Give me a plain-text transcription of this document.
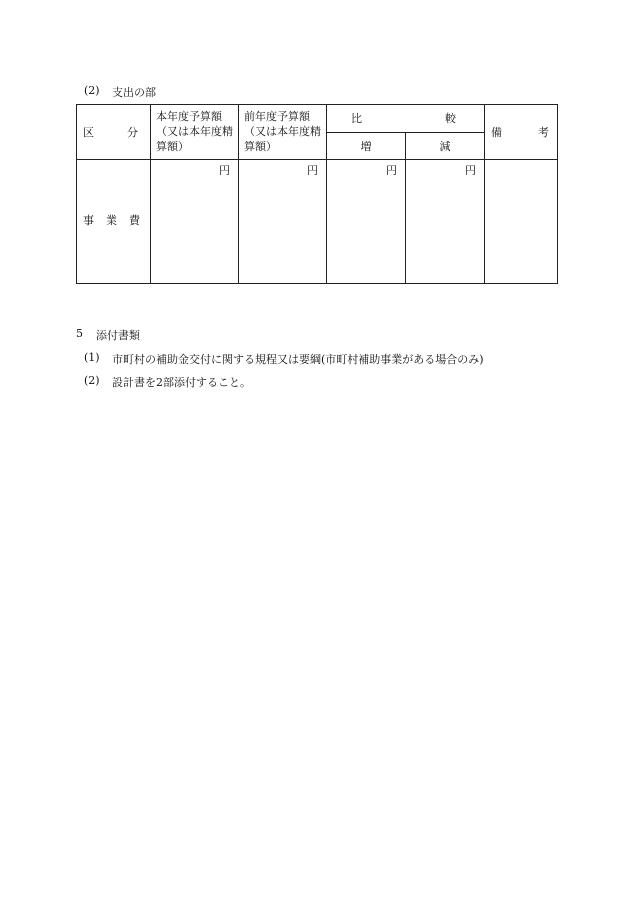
(2) 支出の部
区 分	本年度予算額（又は本年度精算額）	前年度予算額（又は本年度精算額）	比 較		備 考

			増	減	

事 業 費	円	円	円	円	

5 添付書類
(1) 市町村の補助金交付に関する規程又は要綱(市町村補助事業がある場合のみ)
(2) 設計書を2部添付すること。
